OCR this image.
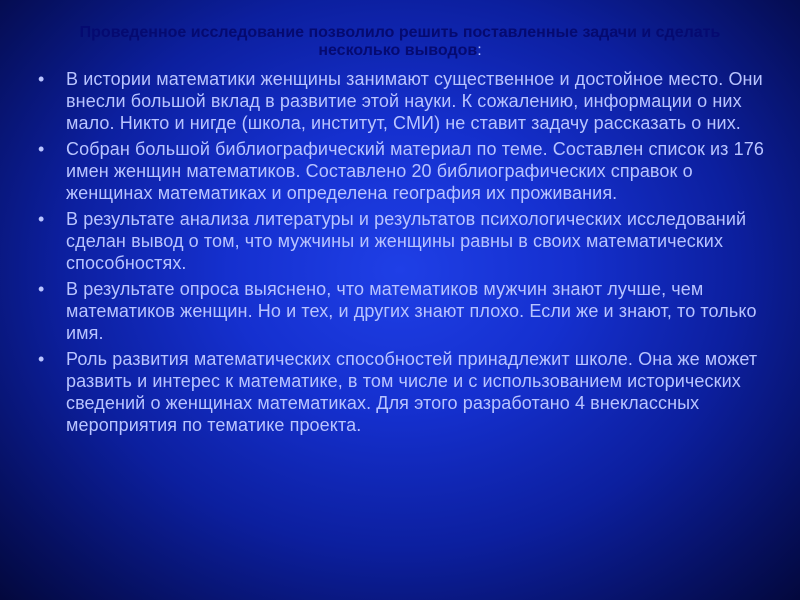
Проведенное исследование позволило решить поставленные задачи и сделать несколько выводов:
• В истории математики женщины занимают существенное и достойное место. Они внесли большой вклад в развитие этой науки. К сожалению, информации о них мало. Никто и нигде (школа, институт, СМИ) не ставит задачу рассказать о них.
• Собран большой библиографический материал по теме. Составлен список из 176 имен женщин математиков. Составлено 20 библиографических справок о женщинах математиках и определена география их проживания.
• В результате анализа литературы и результатов психологических исследований сделан вывод о том, что мужчины и женщины равны в своих математических способностях.
• В результате опроса выяснено, что математиков мужчин знают лучше, чем математиков женщин. Но и тех, и других знают плохо. Если же и знают, то только имя.
• Роль развития математических способностей принадлежит школе. Она же может развить и интерес к математике, в том числе и с использованием исторических сведений о женщинах математиках. Для этого разработано 4 внеклассных мероприятия по тематике проекта.
